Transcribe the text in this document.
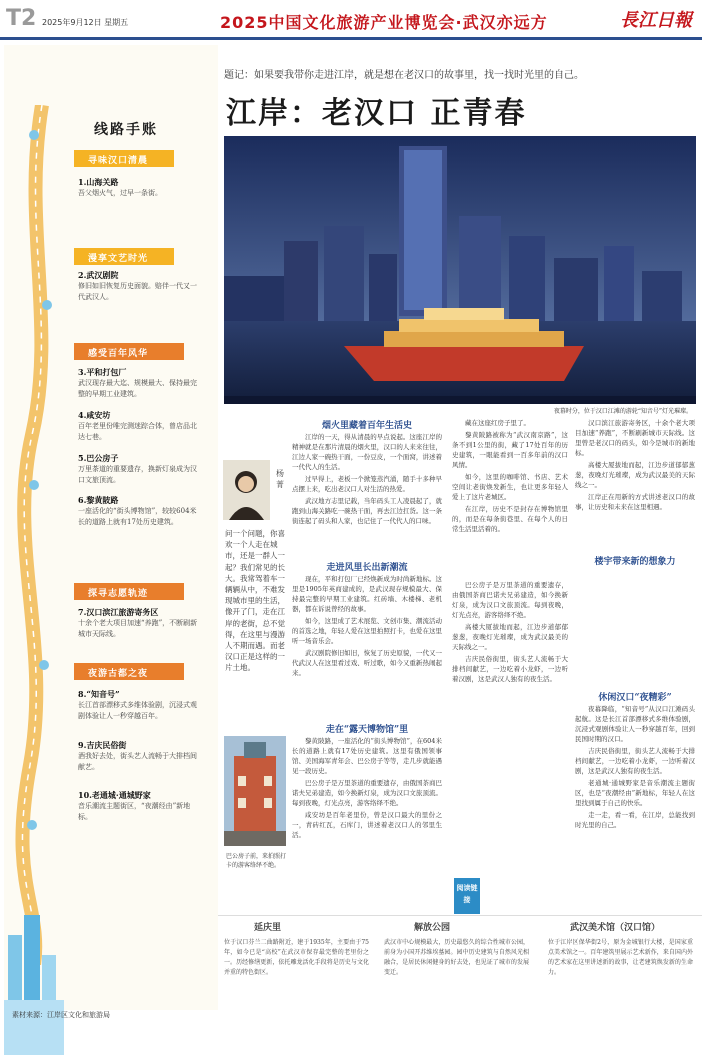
T2 2025年9月12日 星期五	2025中国文化旅游产业博览会·武汉亦远方	長江日報
线路手账
寻味汉口清晨
1.山海关路
吾父烟火气，过早一条街。
漫享文艺时光
2.武汉剧院
修旧如旧恢复历史面貌。赔伴一代又一代武汉人。
感受百年风华
3.平和打包厂
武汉现存最大迄、规模最大、保持最完整的早期工业建筑。
4.咸安坊
百年老里份唯完测迷踪合体，曾店品北达七巷。
5.巴公房子
万里茶道的重要遗存，换新灯泉成为汉口文旅顶流。
6.黎黄陂路
一座活化的“街头博物馆”，较较604米长的道路上就有17处历史建筑。
探寻志愿轨迹
7.汉口滨江旅游寄务区
十余个老大项目加速“养跑”，不断刷新城市天际线。
夜游古都之夜
8.“知音号”
长江首部漂移式多维体验剧，沉浸式观剧体验让人一秒穿越百年。
9.吉庆民俗街
酒我好去处，街头艺人流畅于大排档间献艺。
10.老通城·通城野家
音乐潮流主题街区，“夜潮经由”新地标。
题记：如果要我带你走进江岸，就是想在老汉口的故事里，找一找时光里的自己。
江岸：老汉口 正青春
夜幕时分，位于汉口江滩的游轮“知音号”灯光璀璨。
杨 菁
问一个问题，你喜欢一个人走在城市，还是一群人一起？我们常见的长大。我常驾着车一辆辆从中，不难发现城市里的生活，像开了门，走在江岸的老街，总不觉得，在这里与漫游人不期而遇。而老汉口正是这样的一片土地。
巴公房子前，来拍照打卡的游客络绎不绝。
烟火里藏着百年生活史

江岸的一天，得从清晨的早点说起。这座江岸的精神就是在那片清晨的烟火里，汉口的人来来往往，江边人家一碗热干面，一份豆皮，一个面窝，讲述着一代代人的生活。

过早得上，老板一个掀笼蒸汽涌，随手十多种早点摆上来，吃出老汉口人对生活的热爱。

武汉地方志里记载，当年码头工人凌晨起了，就跑到山海关路吃一碗热干面，再去江边扛货。这一条街连起了码头和人家，也记住了一代代人的口味。

走进风里长出新潮流

现在，平和打包厂已经焕新成为时尚新地标。这里是1905年英商建成的，是武汉现存规模最大、保持最完整的早期工业建筑。红砖墙、木楼梯、老机器，都在诉说曾经的故事。

如今，这里成了艺术展览、文创市集、潮流活动的首选之地，年轻人爱在这里拍照打卡，也爱在这里听一场音乐会。

武汉剧院修旧如旧，恢复了历史原貌，一代又一代武汉人在这里看过戏、听过歌，如今又重新热闹起来。

走在“露天博物馆”里

黎黄陂路，一座活化的“街头博物馆”，在604米长的道路上就有17处历史建筑。这里有俄国领事馆、美国海军青年会、巴公房子等等，走几步就能遇见一段历史。

巴公房子是万里茶道的重要遗存，由俄国茶商巴诺夫兄弟建造，如今换新灯泉，成为汉口文旅顶流。每到夜晚，灯光点亮，游客络绎不绝。

咸安坊是百年老里份，曾是汉口最大的里份之一，青砖红瓦，石库门，讲述着老汉口人的邻里生活。

藏在这座红房子里了。

黎黄陂路被称为“武汉南京路”，这条不到1公里的街，藏了17处百年的历史建筑，一眼能看到一百多年前的汉口风情。

如今，这里的咖啡馆、书店、艺术空间让老街焕发新生，也让更多年轻人爱上了这片老城区。

在江岸，历史不是封存在博物馆里的，而是在每条街巷里、在每个人的日常生活里活着的。

楼宇带来新的想象力

汉口滨江旅游寄务区，十余个老大项目加速“养跑”，不断刷新城市天际线。这里曾是老汉口的码头，如今是城市的新地标。

高楼大厦拔地而起，江边步道郁郁葱葱，夜晚灯光璀璨，成为武汉最美的天际线之一。

江岸正在用新的方式讲述老汉口的故事，让历史和未来在这里相遇。

休闲汉口“夜精彩”

夜幕降临，“知音号”从汉口江滩码头起航。这是长江首部漂移式多维体验剧，沉浸式观剧体验让人一秒穿越百年，回到民国时期的汉口。

吉庆民俗街里，街头艺人流畅于大排档间献艺，一边吃着小龙虾，一边听着汉剧，这是武汉人独有的夜生活。

老通城·通城野家是音乐潮流主题街区，也是“夜潮经由”新地标，年轻人在这里找到属于自己的快乐。

走一走，看一看，在江岸，总能找到时光里的自己。

巴公房子是万里茶道的重要遗存，由俄国茶商巴诺夫兄弟建造，如今换新灯泉，成为汉口文旅顶流。每到夜晚，灯光点亮，游客络绎不绝。

高楼大厦拔地而起，江边步道郁郁葱葱，夜晚灯光璀璨，成为武汉最美的天际线之一。

吉庆民俗街里，街头艺人流畅于大排档间献艺，一边吃着小龙虾，一边听着汉剧，这是武汉人独有的夜生活。

阅读链接
延庆里
位于汉口芬兰二曲路附近，建于1935年，主要由于75年，如今已是“高校”在武汉市保存最完整的老里份之一。历经修缮更新，依托雕龙活化手段将是历史与文化并重的特色街区。
解放公园
武汉市中心规模最大，历史最悠久的综合性城市公园，前身为小国开苏维埃墓园。园中历史建筑与自然风光相融合，是居民休闲健身的好去处，也见证了城市的发展变迁。
武汉美术馆（汉口馆）
位于江岸区保华街2号，原为金城银行大楼，是国家重点美术馆之一。百年建筑里展示艺术新作，来自国内外的艺术家在这里讲述新的故事，让老建筑焕发新的生命力。
素材来源：江岸区文化和旅游局
